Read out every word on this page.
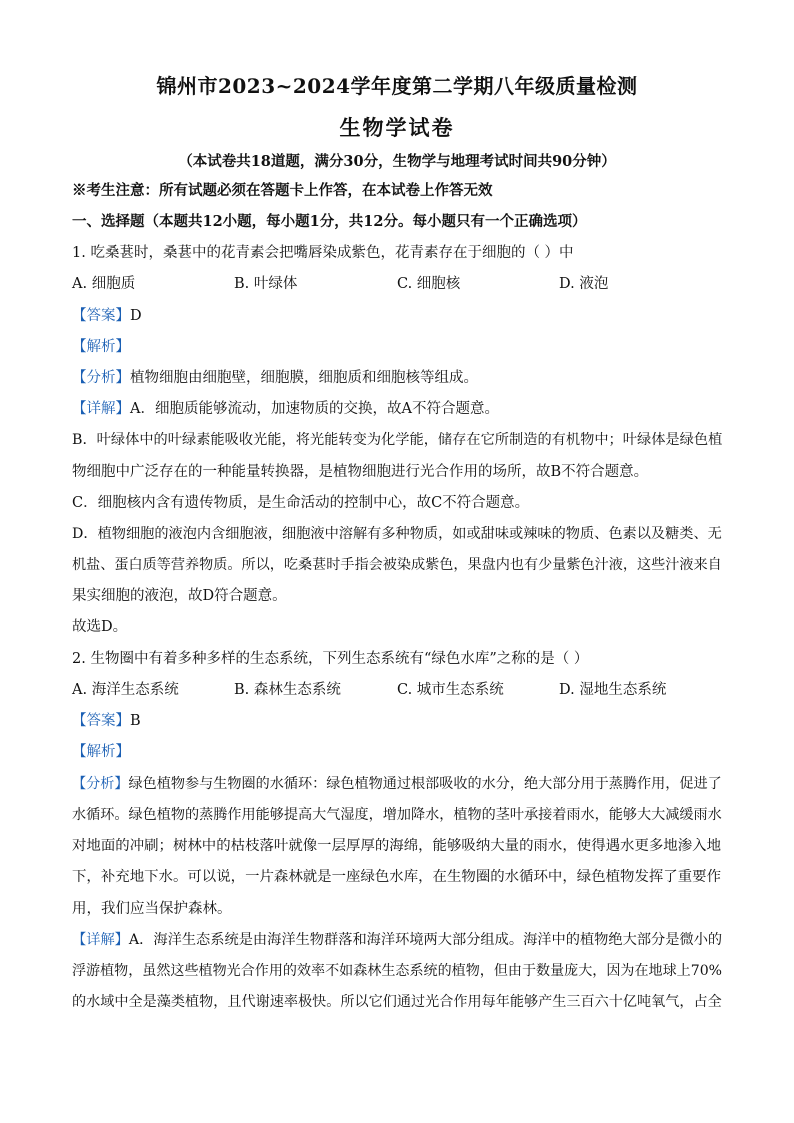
锦州市2023~2024学年度第二学期八年级质量检测
生物学试卷
（本试卷共18道题，满分30分，生物学与地理考试时间共90分钟）
※考生注意：所有试题必须在答题卡上作答，在本试卷上作答无效
一、选择题（本题共12小题，每小题1分，共12分。每小题只有一个正确选项）
1. 吃桑葚时，桑葚中的花青素会把嘴唇染成紫色，花青素存在于细胞的（ ）中
A. 细胞质	B. 叶绿体	C. 细胞核	D. 液泡
【答案】D
【解析】
【分析】植物细胞由细胞壁，细胞膜，细胞质和细胞核等组成。
【详解】A．细胞质能够流动，加速物质的交换，故A不符合题意。
B．叶绿体中的叶绿素能吸收光能，将光能转变为化学能，储存在它所制造的有机物中；叶绿体是绿色植
物细胞中广泛存在的一种能量转换器，是植物细胞进行光合作用的场所，故B不符合题意。
C．细胞核内含有遗传物质，是生命活动的控制中心，故C不符合题意。
D．植物细胞的液泡内含细胞液，细胞液中溶解有多种物质，如或甜味或辣味的物质、色素以及糖类、无
机盐、蛋白质等营养物质。所以，吃桑葚时手指会被染成紫色，果盘内也有少量紫色汁液，这些汁液来自
果实细胞的液泡，故D符合题意。
故选D。
2. 生物圈中有着多种多样的生态系统，下列生态系统有“绿色水库”之称的是（ ）
A. 海洋生态系统	B. 森林生态系统	C. 城市生态系统	D. 湿地生态系统
【答案】B
【解析】
【分析】绿色植物参与生物圈的水循环：绿色植物通过根部吸收的水分，绝大部分用于蒸腾作用，促进了
水循环。绿色植物的蒸腾作用能够提高大气湿度，增加降水，植物的茎叶承接着雨水，能够大大减缓雨水
对地面的冲刷；树林中的枯枝落叶就像一层厚厚的海绵，能够吸纳大量的雨水，使得遇水更多地渗入地
下，补充地下水。可以说，一片森林就是一座绿色水库，在生物圈的水循环中，绿色植物发挥了重要作
用，我们应当保护森林。
【详解】A．海洋生态系统是由海洋生物群落和海洋环境两大部分组成。海洋中的植物绝大部分是微小的
浮游植物，虽然这些植物光合作用的效率不如森林生态系统的植物，但由于数量庞大，因为在地球上70%
的水域中全是藻类植物，且代谢速率极快。所以它们通过光合作用每年能够产生三百六十亿吨氧气，占全
